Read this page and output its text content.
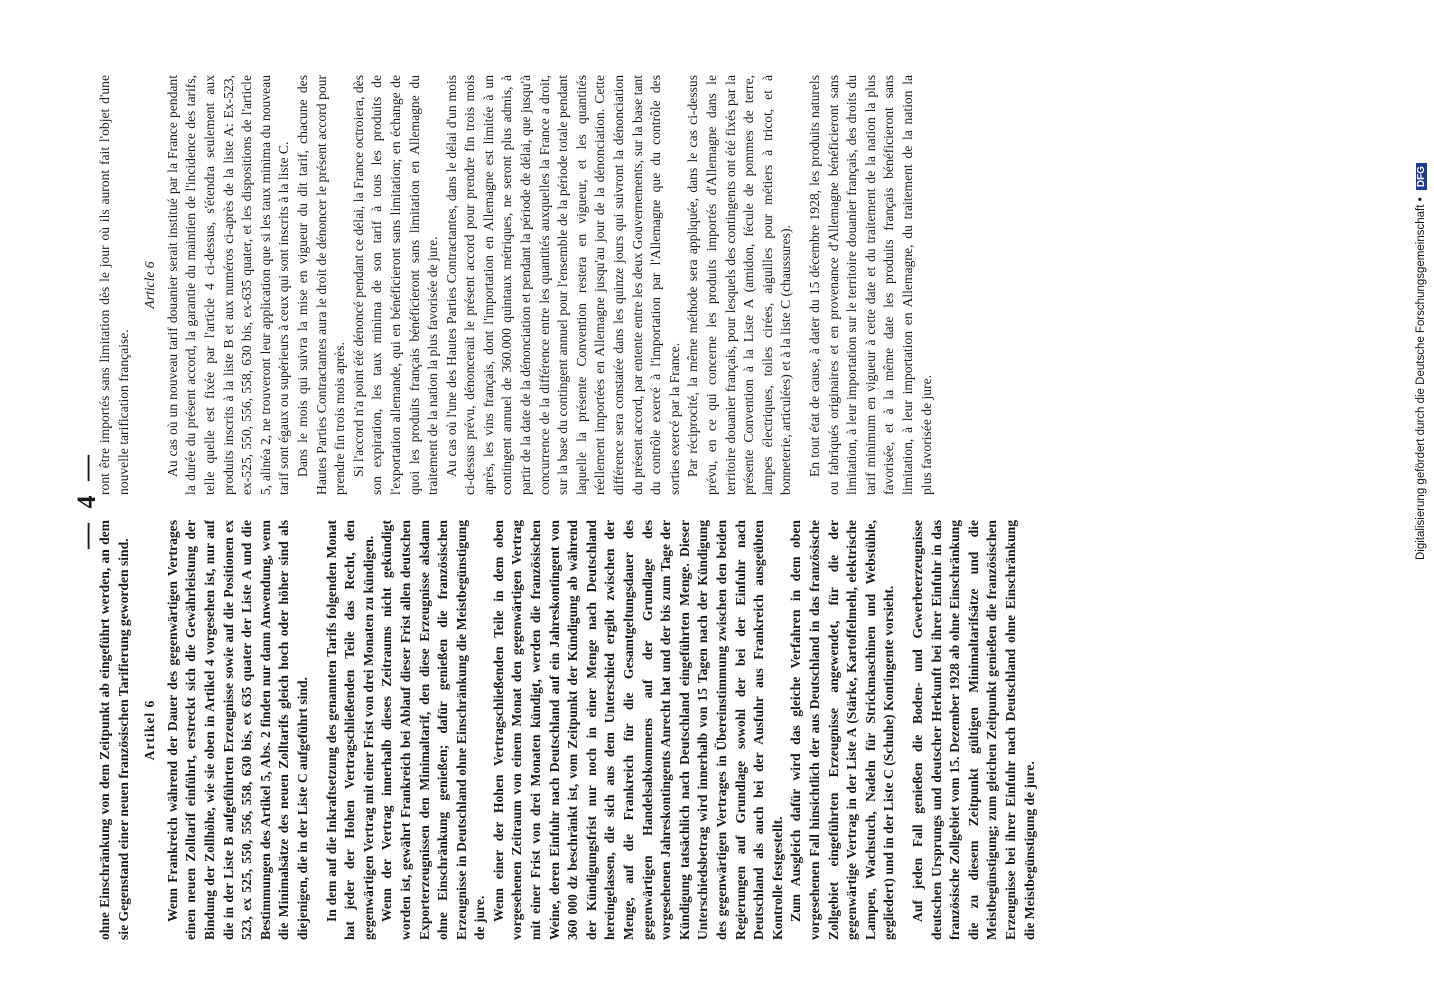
— 4 —

ohne Einschränkung von dem Zeitpunkt ab eingeführt werden, an dem sie Gegenstand einer neuen französischen Tarifierung geworden sind. Artikel 6 Wenn Frankreich während der Dauer des gegenwärtigen Vertrages einen neuen Zolltarif einführt, erstreckt sich die Gewährleistung der Bindung der Zollhöhe, wie sie oben in Artikel 4 vorgesehen ist, nur auf die in der Liste B aufgeführten Erzeugnisse sowie auf die Positionen ex 523, ex 525, 550, 556, 558, 630 bis, ex 635 quater der Liste A und die Bestimmungen des Artikel 5, Abs. 2 finden nur dann Anwendung, wenn die Minimalsätze des neuen Zolltarifs gleich hoch oder höher sind als diejenigen, die in der Liste C aufgeführt sind. In dem auf die Inkraftsetzung des genannten Tarifs folgenden Monat hat jeder der Hohen Vertragschließenden Teile das Recht, den gegenwärtigen Vertrag mit einer Frist von drei Monaten zu kündigen. Wenn der Vertrag innerhalb dieses Zeitraums nicht gekündigt worden ist, gewährt Frankreich bei Ablauf dieser Frist allen deutschen Exporterzeugnissen den Minimaltarif, den diese Erzeugnisse alsdann ohne Einschränkung genießen; dafür genießen die französischen Erzeugnisse in Deutschland ohne Einschränkung die Meistbegünstigung de jure. Wenn einer der Hohen Vertragschließenden Teile in dem oben vorgesehenen Zeitraum von einem Monat den gegenwärtigen Vertrag mit einer Frist von drei Monaten kündigt, werden die französischen Weine, deren Einfuhr nach Deutschland auf ein Jahreskontingent von 360 000 dz beschränkt ist, vom Zeitpunkt der Kündigung ab während der Kündigungsfrist nur noch in einer Menge nach Deutschland hereingelassen, die sich aus dem Unterschied ergibt zwischen der Menge, auf die Frankreich für die Gesamtgeltungsdauer des gegenwärtigen Handelsabkommens auf der Grundlage des vorgesehenen Jahreskontingents Anrecht hat und der bis zum Tage der Kündigung tatsächlich nach Deutschland eingeführten Menge. Dieser Unterschiedsbetrag wird innerhalb von 15 Tagen nach der Kündigung des gegenwärtigen Vertrages in Übereinstimmung zwischen den beiden Regierungen auf Grundlage sowohl der bei der Einfuhr nach Deutschland als auch bei der Ausfuhr aus Frankreich ausgeübten Kontrolle festgestellt. Zum Ausgleich dafür wird das gleiche Verfahren in dem oben vorgesehenen Fall hinsichtlich der aus Deutschland in das französische Zollgebiet eingeführten Erzeugnisse angewendet, für die der gegenwärtige Vertrag in der Liste A (Stärke, Kartoffelmehl, elektrische Lampen, Wachstuch, Nadeln für Strickmaschinen und Webstühle, gegliedert) und in der Liste C (Schuhe) Kontingente vorsieht. Auf jeden Fall genießen die Boden- und Gewerbeerzeugnisse deutschen Ursprungs und deutscher Herkunft bei ihrer Einfuhr in das französische Zollgebiet vom 15. Dezember 1928 ab ohne Einschränkung die zu diesem Zeitpunkt gültigen Minimaltarifsätze und die Meistbegünstigung; zum gleichen Zeitpunkt genießen die französischen Erzeugnisse bei ihrer Einfuhr nach Deutschland ohne Einschränkung die Meistbegünstigung de jure.

ront être importés sans limitation dès le jour où ils auront fait l'objet d'une nouvelle tarification française.

Article 6 Au cas où un nouveau tarif douanier serait institué par la France pendant la durée du présent accord, la garantie du maintien de l'incidence des tarifs, telle quelle est fixée par l'article 4 ci-dessus, s'étendra seulement aux produits inscrits à la liste B et aux numéros ci-après de la liste A: Ex-523, ex-525, 550, 556, 558, 630 bis, ex-635 quater, et les dispositions de l'article 5, alinéa 2, ne trouveront leur application que si les taux minima du nouveau tarif sont égaux ou supérieurs à ceux qui sont inscrits à la liste C. Dans le mois qui suivra la mise en vigueur du dit tarif, chacune des Hautes Parties Contractantes aura le droit de dénoncer le présent accord pour prendre fin trois mois après. Si l'accord n'a point été dénoncé pendant ce délai, la France octroiera, dès son expiration, les taux minima de son tarif à tous les produits de l'exportation allemande, qui en bénéficieront sans limitation; en échange de quoi les produits français bénéficieront sans limitation en Allemagne du traitement de la nation la plus favorisée de jure. Au cas où l'une des Hautes Parties Contractantes, dans le délai d'un mois ci-dessus prévu, dénoncerait le présent accord pour prendre fin trois mois après, les vins français, dont l'importation en Allemagne est limitée à un contingent annuel de 360.000 quintaux métriques, ne seront plus admis, à partir de la date de la dénonciation et pendant la période de délai, que jusqu'à concurrence de la différence entre les quantités auxquelles la France a droit, sur la base du contingent annuel pour l'ensemble de la période totale pendant laquelle la présente Convention restera en vigueur, et les quantités réellement importées en Allemagne jusqu'au jour de la dénonciation. Cette différence sera constatée dans les quinze jours qui suivront la dénonciation du présent accord, par entente entre les deux Gouvernements, sur la base tant du contrôle exercé à l'importation par l'Allemagne que du contrôle des sorties exercé par la France. Par réciprocité, la même méthode sera appliquée, dans le cas ci-dessus prévu, en ce qui concerne les produits importés d'Allemagne dans le territoire douanier français, pour lesquels des contingents ont été fixés par la présente Convention à la Liste A (amidon, fécule de pommes de terre, lampes électriques, toiles cirées, aiguilles pour métiers à tricot, et à bonneterie, articulées) et à la liste C (chaussures). En tout état de cause, à dater du 15 décembre 1928, les produits naturels ou fabriqués originaires et en provenance d'Allemagne bénéficieront sans limitation, à leur importation sur le territoire douanier français, des droits du tarif minimum en vigueur à cette date et du traitement de la nation la plus favorisée, et à la même date les produits français bénéficieront sans limitation, à leur importation en Allemagne, du traitement de la nation la plus favorisée de jure.	Digitalisierung gefördert durch die Deutsche Forschungsgemeinschaft • DFG
